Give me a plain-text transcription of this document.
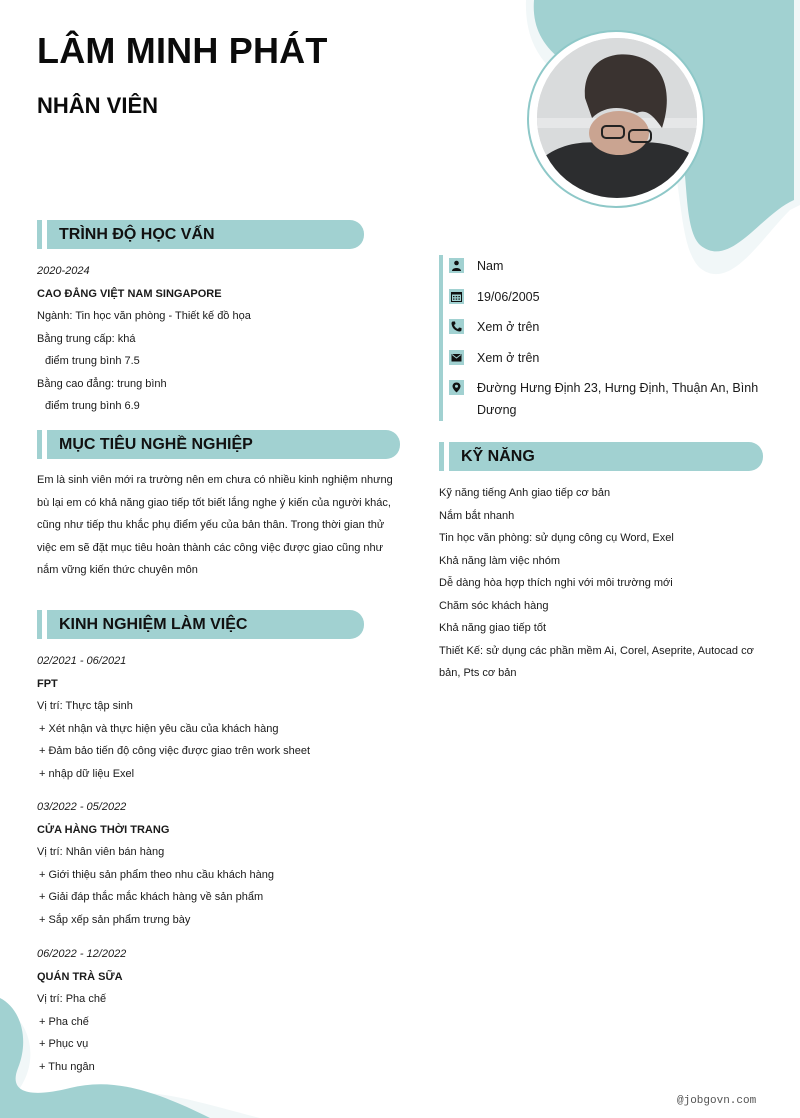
LÂM MINH PHÁT
NHÂN VIÊN
TRÌNH ĐỘ HỌC VẤN
2020-2024
CAO ĐẲNG VIỆT NAM SINGAPORE
Ngành: Tin học văn phòng - Thiết kế đồ họa
Bằng trung cấp: khá
điểm trung bình 7.5
Bằng cao đẳng: trung bình
điểm trung bình 6.9
Nam
19/06/2005
Xem ở trên
Xem ở trên
Đường Hưng Định 23, Hưng Định, Thuận An, Bình Dương
MỤC TIÊU NGHỀ NGHIỆP
Em là sinh viên mới ra trường nên em chưa có nhiều kinh nghiệm nhưng bù lại em có khả năng giao tiếp tốt biết lắng nghe ý kiến của người khác, cũng như tiếp thu khắc phụ điểm yếu của bản thân. Trong thời gian thử việc em sẽ đặt mục tiêu hoàn thành các công việc được giao cũng như nắm vững kiến thức chuyên môn
KỸ NĂNG
Kỹ năng tiếng Anh giao tiếp cơ bản
Nắm bắt nhanh
Tin học văn phòng: sử dụng công cụ Word, Exel
Khả năng làm việc nhóm
Dễ dàng hòa hợp thích nghi với môi trường mới
Chăm sóc khách hàng
Khả năng giao tiếp tốt
Thiết Kế: sử dụng các phần mềm Ai, Corel, Aseprite, Autocad cơ bản, Pts cơ bản
KINH NGHIỆM LÀM VIỆC
02/2021 - 06/2021
FPT
Vị trí: Thực tập sinh
+ Xét nhận và thực hiện yêu cầu của khách hàng
+ Đảm bảo tiến độ công việc được giao trên work sheet
+ nhập dữ liệu Exel
03/2022 - 05/2022
CỬA HÀNG THỜI TRANG
Vị trí: Nhân viên bán hàng
+ Giới thiệu sản phẩm theo nhu cầu khách hàng
+ Giải đáp thắc mắc khách hàng về sản phẩm
+ Sắp xếp sản phẩm trưng bày
06/2022 - 12/2022
QUÁN TRÀ SỮA
Vị trí: Pha chế
+ Pha chế
+ Phục vụ
+ Thu ngân
@jobgovn.com
